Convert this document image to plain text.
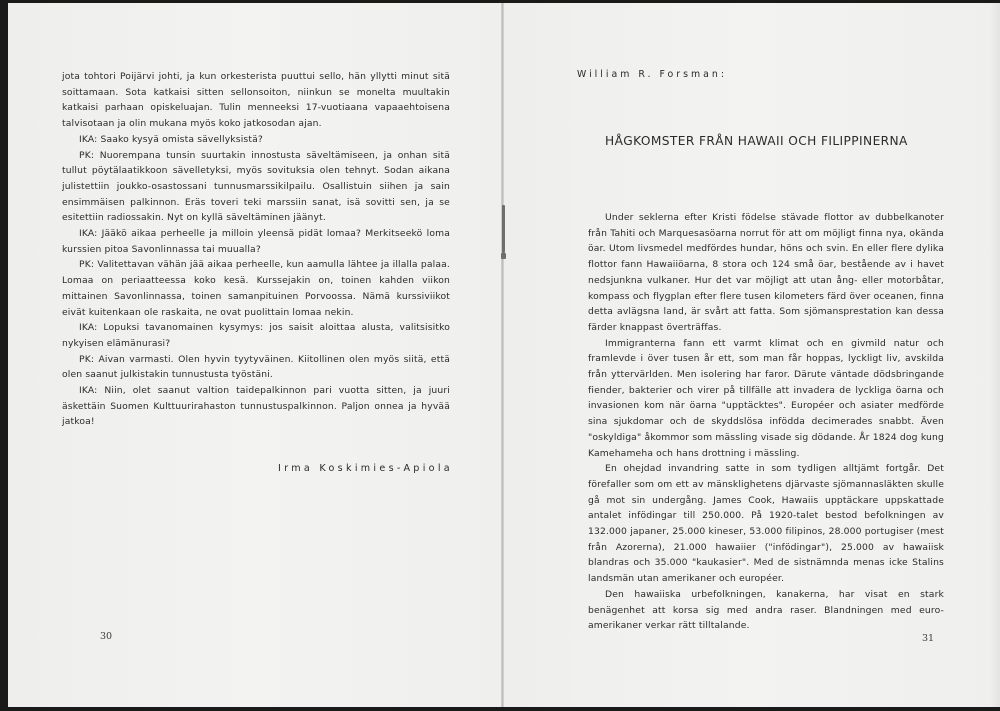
jota tohtori Poijärvi johti, ja kun orkesterista puuttui sello, hän yllytti minut sitä soittamaan. Sota katkaisi sitten sellonsoiton, niinkun se monelta muultakin katkaisi parhaan opiskeluajan. Tulin menneeksi 17-vuotiaana vapaaehtoisena talvisotaan ja olin mukana myös koko jatkosodan ajan.

IKA: Saako kysyä omista sävellyksistä?

PK: Nuorempana tunsin suurtakin innostusta säveltämiseen, ja onhan sitä tullut pöytälaatikkoon sävelletyksi, myös sovituksia olen tehnyt. Sodan aikana julistettiin joukko-osastossani tunnusmarssikilpailu. Osallistuin siihen ja sain ensimmäisen palkinnon. Eräs toveri teki marssiin sanat, isä sovitti sen, ja se esitettiin radiossakin. Nyt on kyllä säveltäminen jäänyt.

IKA: Jääkö aikaa perheelle ja milloin yleensä pidät lomaa? Merkitseekö loma kurssien pitoa Savonlinnassa tai muualla?

PK: Valitettavan vähän jää aikaa perheelle, kun aamulla lähtee ja illalla palaa. Lomaa on periaatteessa koko kesä. Kurssejakin on, toinen kahden viikon mittainen Savonlinnassa, toinen samanpituinen Porvoossa. Nämä kurssiviikot eivät kuitenkaan ole raskaita, ne ovat puolittain lomaa nekin.

IKA: Lopuksi tavanomainen kysymys: jos saisit aloittaa alusta, valitsisitko nykyisen elämänurasi?

PK: Aivan varmasti. Olen hyvin tyytyväinen. Kiitollinen olen myös siitä, että olen saanut julkistakin tunnustusta työstäni.

IKA: Niin, olet saanut valtion taidepalkinnon pari vuotta sitten, ja juuri äskettäin Suomen Kulttuurirahaston tunnustuspalkinnon. Paljon onnea ja hyvää jatkoa!

Irma Koskimies-Apiola
30
William R. Forsman:
HÅGKOMSTER FRÅN HAWAII OCH FILIPPINERNA

Under seklerna efter Kristi födelse stävade flottor av dubbelkanoter från Tahiti och Marquesasöarna norrut för att om möjligt finna nya, okända öar. Utom livsmedel medfördes hundar, höns och svin. En eller flere dylika flottor fann Hawaiiöarna, 8 stora och 124 små öar, bestående av i havet nedsjunkna vulkaner. Hur det var möjligt att utan ång- eller motorbåtar, kompass och flygplan efter flere tusen kilometers färd över oceanen, finna detta avlägsna land, är svårt att fatta. Som sjömansprestation kan dessa färder knappast överträffas.

Immigranterna fann ett varmt klimat och en givmild natur och framlevde i över tusen år ett, som man får hoppas, lyckligt liv, avskilda från yttervärlden. Men isolering har faror. Därute väntade dödsbringande fiender, bakterier och virer på tillfälle att invadera de lyckliga öarna och invasionen kom när öarna "upptäcktes". Européer och asiater medförde sina sjukdomar och de skyddslösa infödda decimerades snabbt. Även "oskyldiga" åkommor som mässling visade sig dödande. År 1824 dog kung Kamehameha och hans drottning i mässling.

En ohejdad invandring satte in som tydligen alltjämt fortgår. Det förefaller som om ett av mänsklighetens djärvaste sjömannasläkten skulle gå mot sin undergång. James Cook, Hawaiis upptäckare uppskattade antalet infödingar till 250.000. På 1920-talet bestod befolkningen av 132.000 japaner, 25.000 kineser, 53.000 filipinos, 28.000 portugiser (mest från Azorerna), 21.000 hawaiier ("infödingar"), 25.000 av hawaiisk blandras och 35.000 "kaukasier". Med de sistnämnda menas icke Stalins landsmän utan amerikaner och européer.

Den hawaiiska urbefolkningen, kanakerna, har visat en stark benägenhet att korsa sig med andra raser. Blandningen med euro-amerikaner verkar rätt tilltalande.

31
